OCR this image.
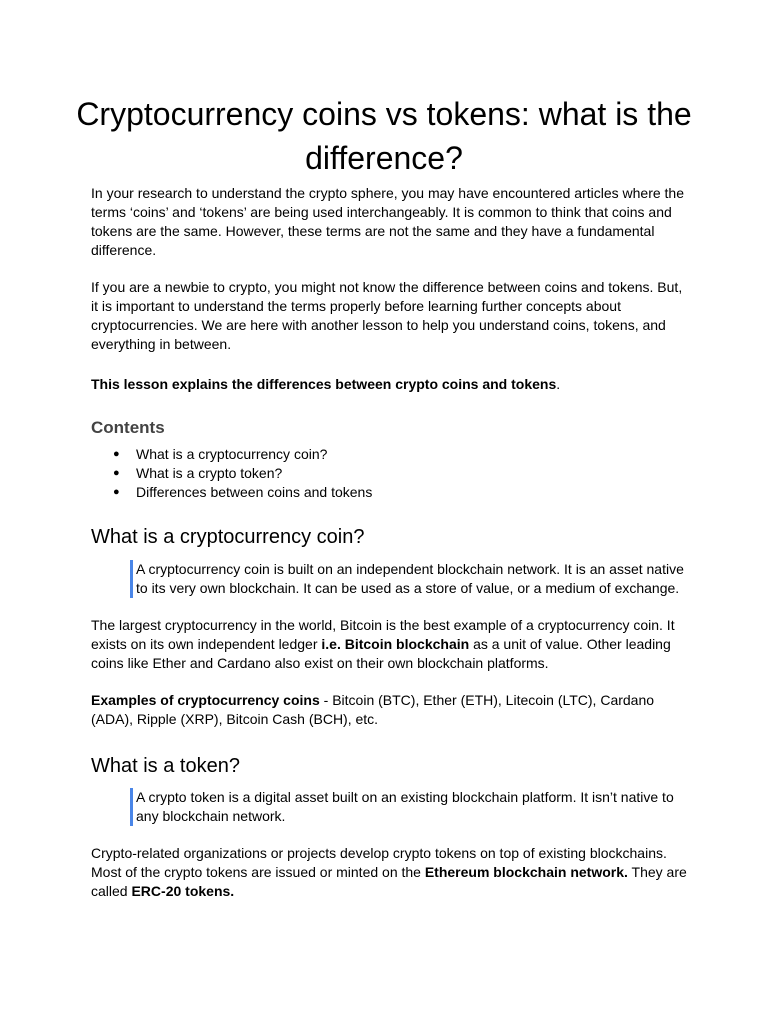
Cryptocurrency coins vs tokens: what is the difference?

In your research to understand the crypto sphere, you may have encountered articles where the terms ‘coins’ and ‘tokens’ are being used interchangeably. It is common to think that coins and tokens are the same. However, these terms are not the same and they have a fundamental difference.

If you are a newbie to crypto, you might not know the difference between coins and tokens. But, it is important to understand the terms properly before learning further concepts about cryptocurrencies. We are here with another lesson to help you understand coins, tokens, and everything in between.

This lesson explains the differences between crypto coins and tokens.

Contents
● What is a cryptocurrency coin?
● What is a crypto token?
● Differences between coins and tokens
What is a cryptocurrency coin?

A cryptocurrency coin is built on an independent blockchain network. It is an asset native to its very own blockchain. It can be used as a store of value, or a medium of exchange.

The largest cryptocurrency in the world, Bitcoin is the best example of a cryptocurrency coin. It exists on its own independent ledger i.e. Bitcoin blockchain as a unit of value. Other leading coins like Ether and Cardano also exist on their own blockchain platforms.

Examples of cryptocurrency coins - Bitcoin (BTC), Ether (ETH), Litecoin (LTC), Cardano (ADA), Ripple (XRP), Bitcoin Cash (BCH), etc.

What is a token?

A crypto token is a digital asset built on an existing blockchain platform. It isn’t native to any blockchain network.

Crypto-related organizations or projects develop crypto tokens on top of existing blockchains. Most of the crypto tokens are issued or minted on the Ethereum blockchain network. They are called ERC-20 tokens.
